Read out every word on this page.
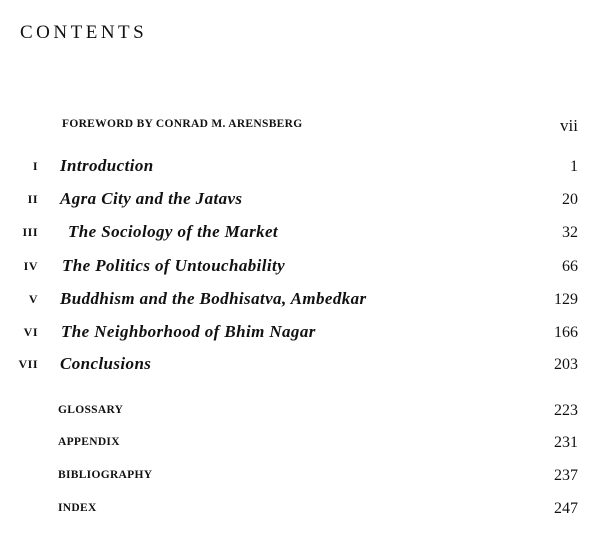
CONTENTS
FOREWORD BY CONRAD M. ARENSBERG	vii
I Introduction	1
II Agra City and the Jatavs	20
III The Sociology of the Market	32
IV The Politics of Untouchability	66
V Buddhism and the Bodhisatva, Ambedkar	129
VI The Neighborhood of Bhim Nagar	166
VII Conclusions	203
GLOSSARY	223
APPENDIX	231
BIBLIOGRAPHY	237
INDEX	247
